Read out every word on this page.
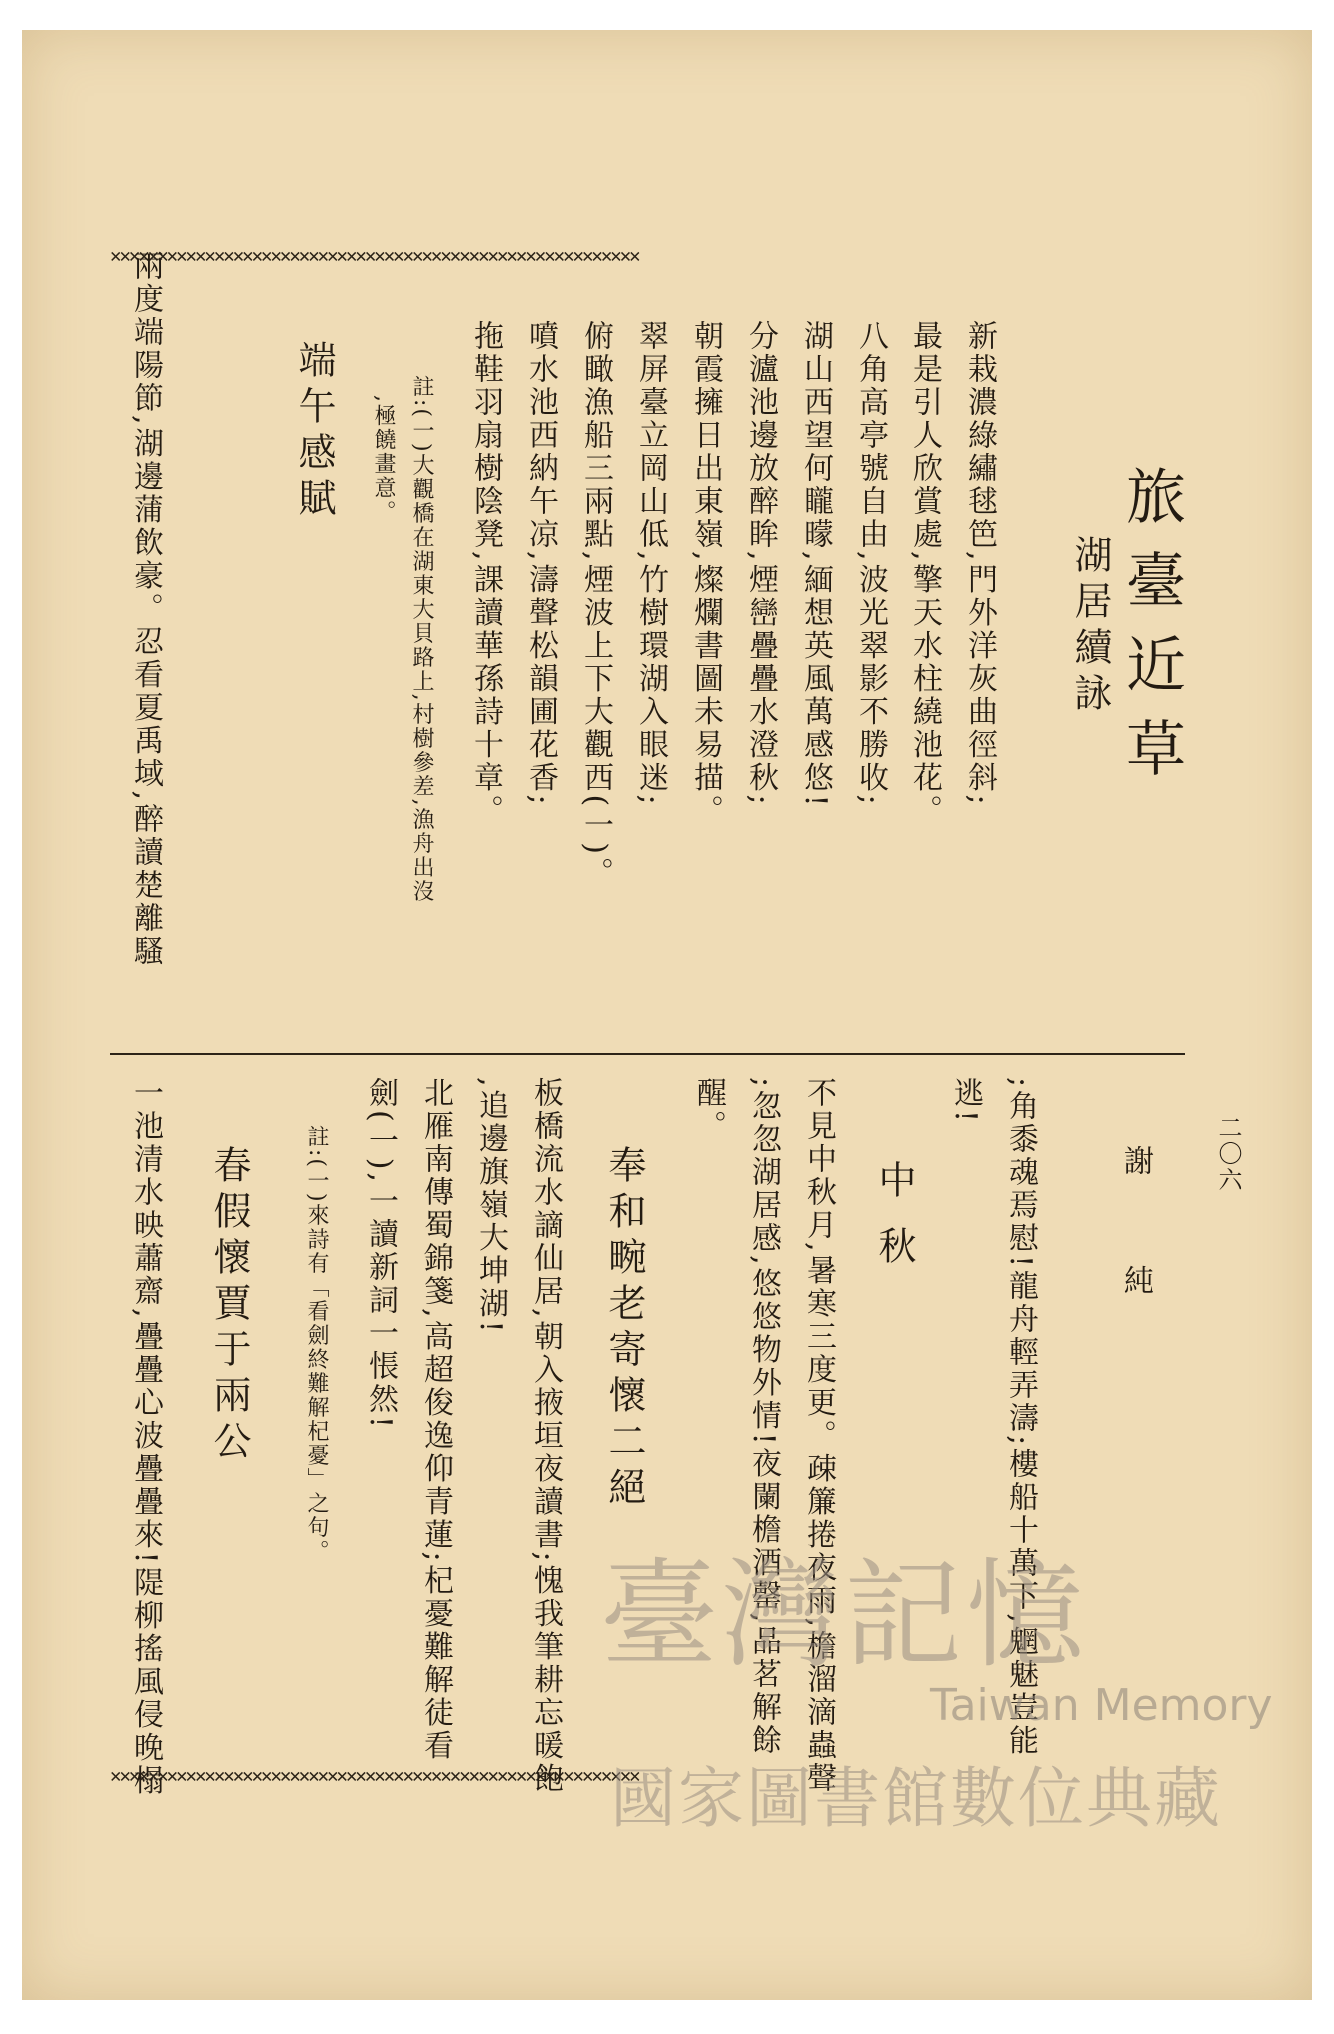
✕✕✕✕✕✕✕✕✕✕✕✕✕✕✕✕✕✕✕✕✕✕✕✕✕✕✕✕✕✕✕✕✕✕✕✕✕✕✕✕✕✕✕✕✕✕✕✕✕✕✕✕✕✕✕✕
✕✕✕✕✕✕✕✕✕✕✕✕✕✕✕✕✕✕✕✕✕✕✕✕✕✕✕✕✕✕✕✕✕✕✕✕✕✕✕✕✕✕✕✕✕✕✕✕✕✕✕✕✕✕✕✕
旅臺近草
湖居續詠
新栽濃綠繡毬笆,門外洋灰曲徑斜;
最是引人欣賞處,擎天水柱繞池花。
八角高亭號自由,波光翠影不勝收;
湖山西望何矓曚,緬想英風萬感悠!
分瀘池邊放醉眸,煙巒疊疊水澄秋;
朝霞擁日出東嶺,燦爛書圖未易描。
翠屏臺立岡山低,竹樹環湖入眼迷;
俯瞰漁船三兩點,煙波上下大觀西(一)。
噴水池西納午凉,濤聲松韻圃花香;
拖鞋羽扇樹陰凳,課讀華孫詩十章。
註:(一)大觀橋在湖東大貝路上,村樹參差,漁舟出沒
,極饒畫意。
端午感賦
兩度端陽節,湖邊蒲飲豪。忍看夏禹域,醉讀楚離騷
二〇六
謝 純
;角黍魂焉慰!龍舟輕弄濤;樓船十萬下,魍魅豈能
逃!
中 秋
不見中秋月,暑寒三度更。疎簾捲夜雨,檐溜滴蟲聲
;忽忽湖居感,悠悠物外情!夜闌檐酒罄,品茗解餘
醒。
奉和畹老寄懷二絕
板橋流水謫仙居,朝入掖垣夜讀書;愧我筆耕忘暖飽
,追邊旗嶺大坤湖!
北雁南傳蜀錦箋,高超俊逸仰青蓮;杞憂難解徒看
劍(一),一讀新詞一悵然!
註:(一)來詩有「看劍終難解杞憂」之句。
春假懷賈于兩公
一池清水映蕭齋,疊疊心波疊疊來!隄柳搖風侵晚榻	臺灣記憶
Taiwan Memory
國家圖書館數位典藏
